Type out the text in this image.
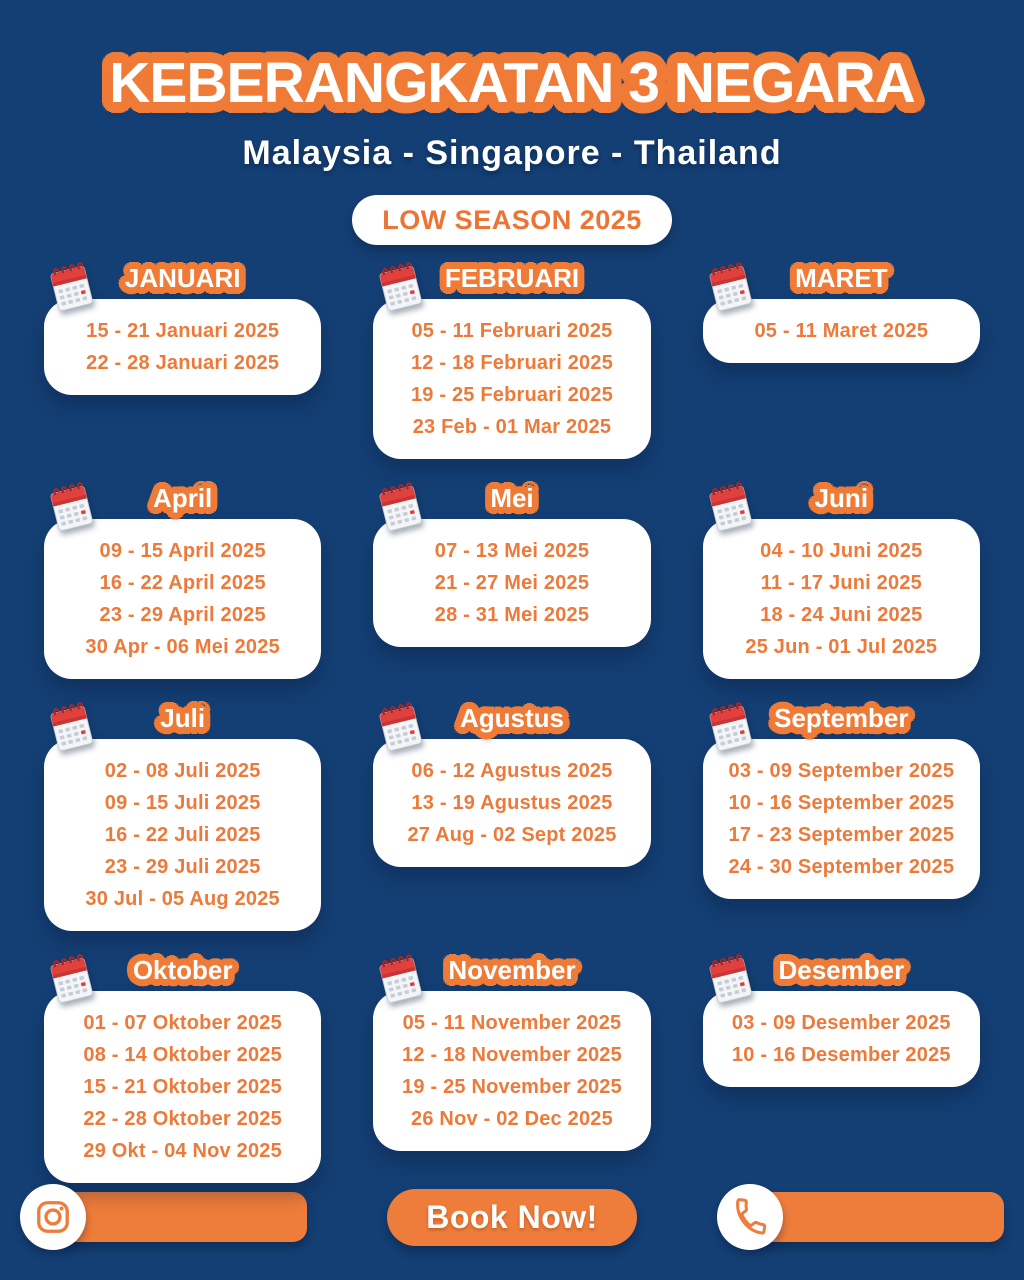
KEBERANGKATAN 3 NEGARA
Malaysia - Singapore - Thailand
LOW SEASON 2025
JANUARI
15 - 21 Januari 2025
22 - 28 Januari 2025
FEBRUARI
05 - 11 Februari 2025
12 - 18 Februari 2025
19 - 25 Februari 2025
23 Feb - 01 Mar 2025
MARET
05 - 11 Maret 2025
April
09 - 15 April 2025
16 - 22 April 2025
23 - 29 April 2025
30 Apr - 06 Mei 2025
Mei
07 - 13 Mei 2025
21 - 27 Mei 2025
28 - 31 Mei 2025
Juni
04 - 10 Juni 2025
11 - 17 Juni 2025
18 - 24 Juni 2025
25 Jun - 01 Jul 2025
Juli
02 - 08 Juli 2025
09 - 15 Juli 2025
16 - 22 Juli 2025
23 - 29 Juli 2025
30 Jul - 05 Aug 2025
Agustus
06 - 12 Agustus 2025
13 - 19 Agustus 2025
27 Aug - 02 Sept 2025
September
03 - 09 September 2025
10 - 16 September 2025
17 - 23 September 2025
24 - 30 September 2025
Oktober
01 - 07 Oktober 2025
08 - 14 Oktober 2025
15 - 21 Oktober 2025
22 - 28 Oktober 2025
29 Okt - 04 Nov 2025
November
05 - 11 November 2025
12 - 18 November 2025
19 - 25 November 2025
26 Nov - 02 Dec 2025
Desember
03 - 09 Desember 2025
10 - 16 Desember 2025
Book Now!
